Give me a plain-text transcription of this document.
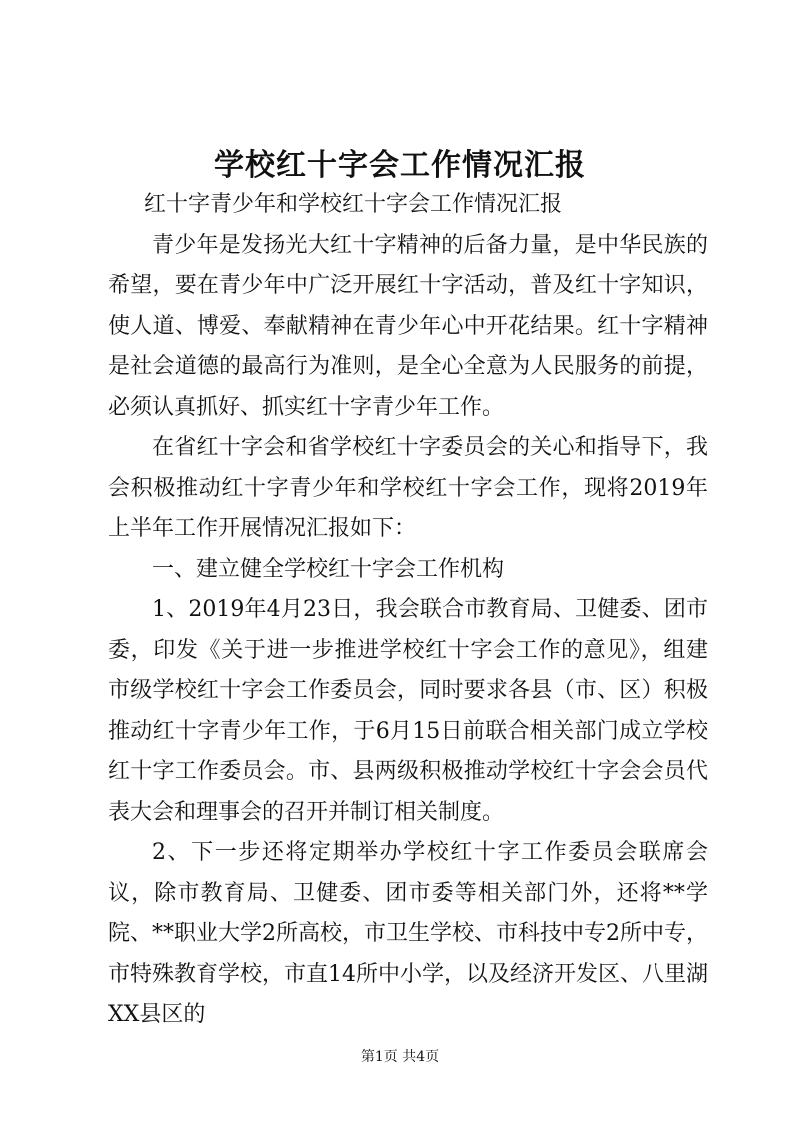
学校红十字会工作情况汇报

红十字青少年和学校红十字会工作情况汇报

青少年是发扬光大红十字精神的后备力量，是中华民族的希望，要在青少年中广泛开展红十字活动，普及红十字知识，使人道、博爱、奉献精神在青少年心中开花结果。红十字精神是社会道德的最高行为准则，是全心全意为人民服务的前提，必须认真抓好、抓实红十字青少年工作。

在省红十字会和省学校红十字委员会的关心和指导下，我会积极推动红十字青少年和学校红十字会工作，现将2019年上半年工作开展情况汇报如下：

一、建立健全学校红十字会工作机构

1、2019年4月23日，我会联合市教育局、卫健委、团市委，印发《关于进一步推进学校红十字会工作的意见》，组建市级学校红十字会工作委员会，同时要求各县（市、区）积极推动红十字青少年工作，于6月15日前联合相关部门成立学校红十字工作委员会。市、县两级积极推动学校红十字会会员代表大会和理事会的召开并制订相关制度。

2、下一步还将定期举办学校红十字工作委员会联席会议，除市教育局、卫健委、团市委等相关部门外，还将**学院、**职业大学2所高校，市卫生学校、市科技中专2所中专，市特殊教育学校，市直14所中小学，以及经济开发区、八里湖XX县区的

第1页 共4页
